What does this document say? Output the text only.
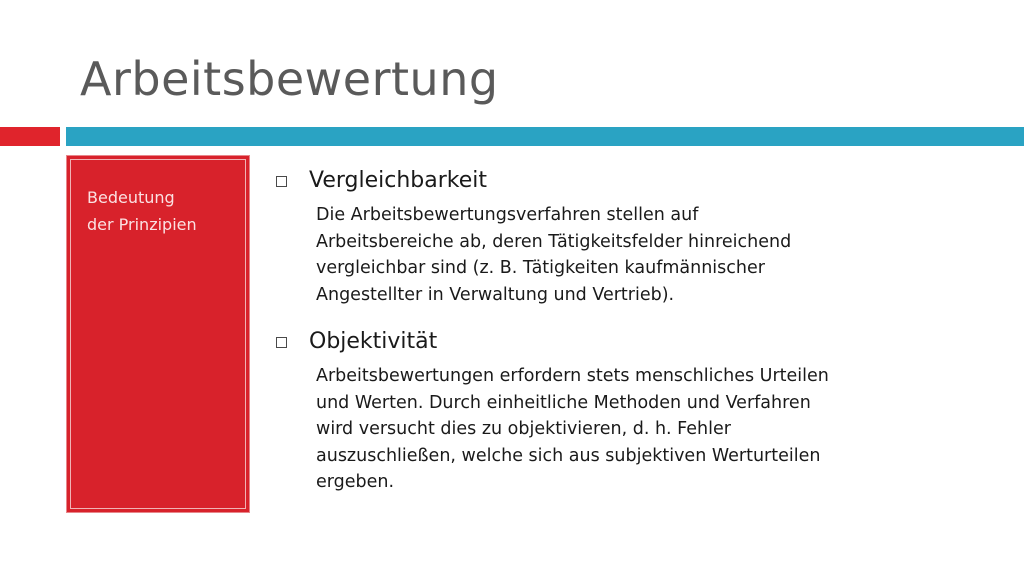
Arbeitsbewertung

Bedeutung
der Prinzipien

Vergleichbarkeit
Die Arbeitsbewertungsverfahren stellen auf
Arbeitsbereiche ab, deren Tätigkeitsfelder hinreichend
vergleichbar sind (z. B. Tätigkeiten kaufmännischer
Angestellter in Verwaltung und Vertrieb).
Objektivität
Arbeitsbewertungen erfordern stets menschliches Urteilen
und Werten. Durch einheitliche Methoden und Verfahren
wird versucht dies zu objektivieren, d. h. Fehler
auszuschließen, welche sich aus subjektiven Werturteilen
ergeben.
